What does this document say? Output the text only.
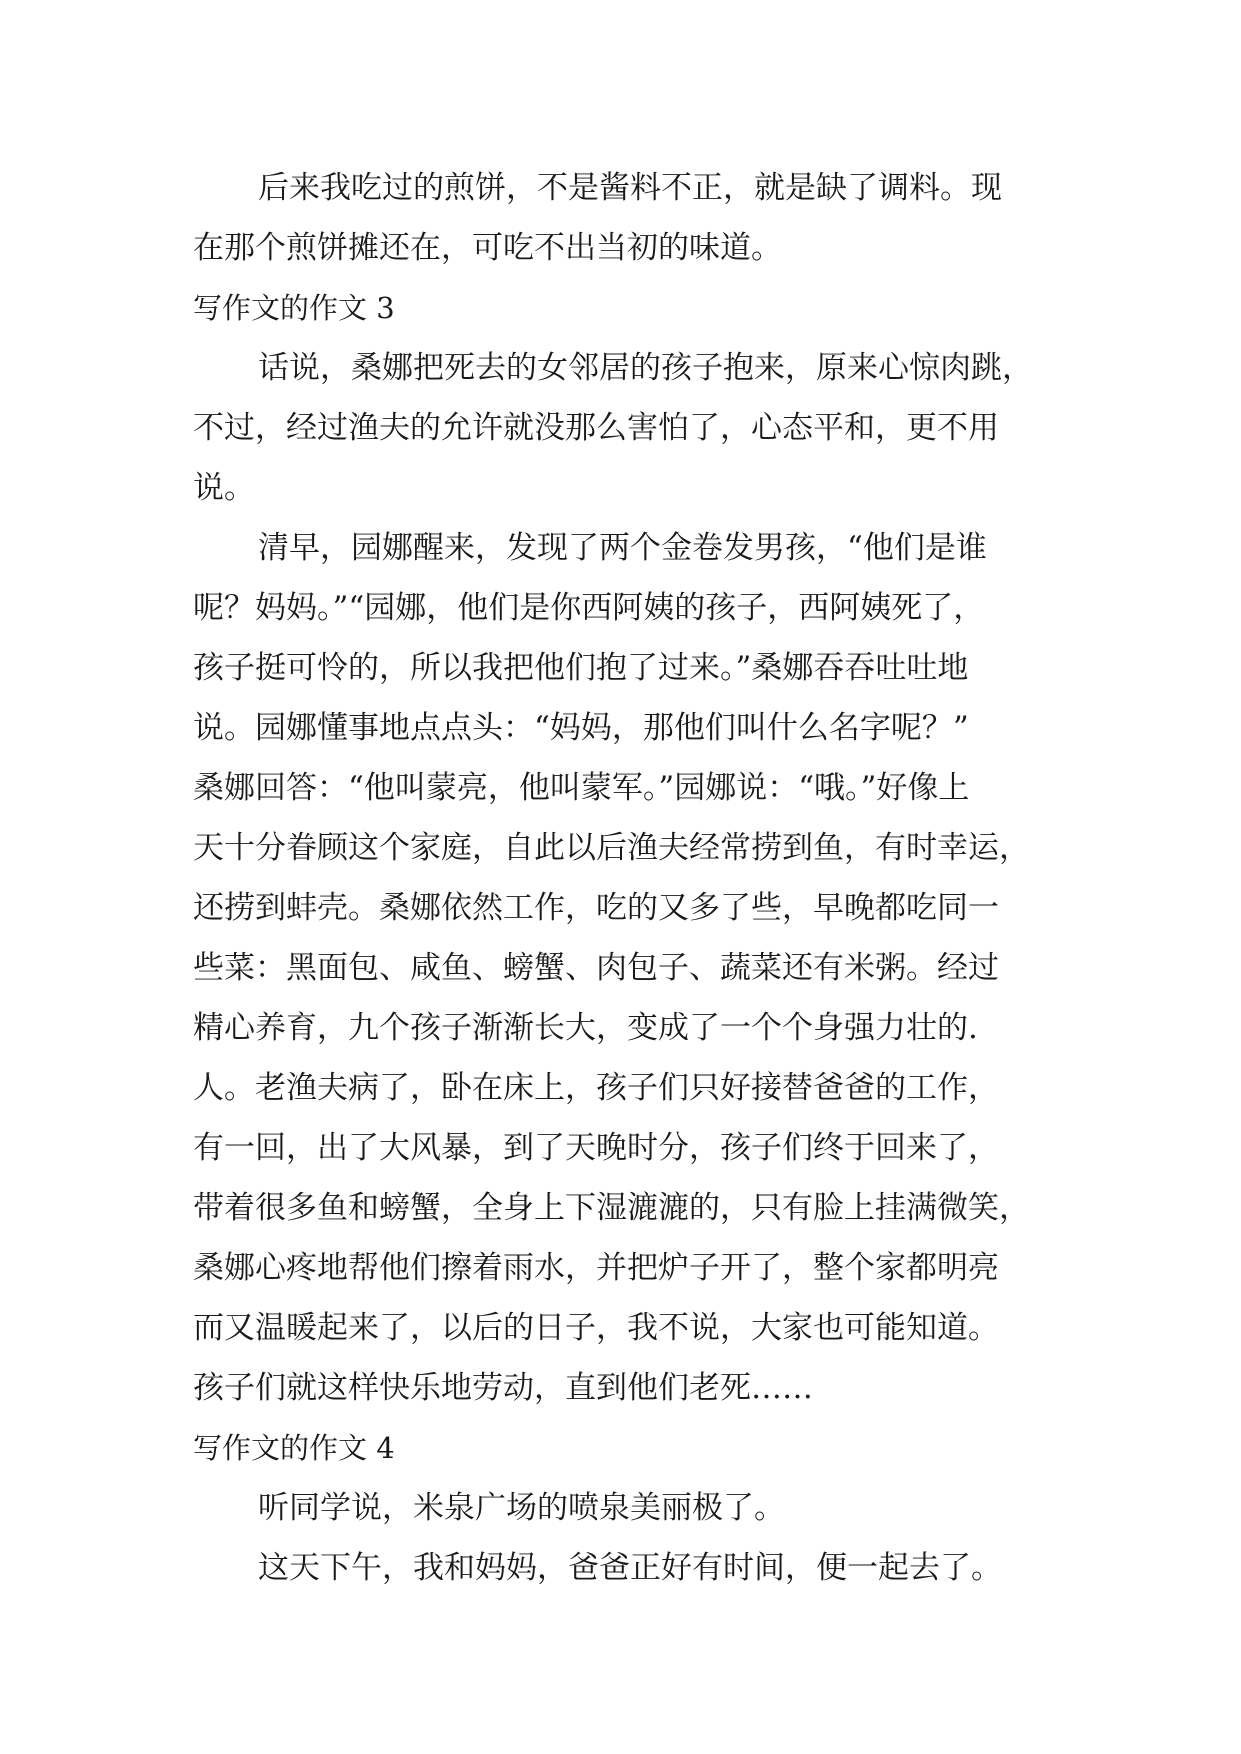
后来我吃过的煎饼，不是酱料不正，就是缺了调料。现
在那个煎饼摊还在，可吃不出当初的味道。
写作文的作文 3
话说，桑娜把死去的女邻居的孩子抱来，原来心惊肉跳，
不过，经过渔夫的允许就没那么害怕了，心态平和，更不用
说。
清早，园娜醒来，发现了两个金卷发男孩，“他们是谁
呢？妈妈。”“园娜，他们是你西阿姨的孩子，西阿姨死了，
孩子挺可怜的，所以我把他们抱了过来。”桑娜吞吞吐吐地
说。园娜懂事地点点头：“妈妈，那他们叫什么名字呢？”
桑娜回答：“他叫蒙亮，他叫蒙军。”园娜说：“哦。”好像上
天十分眷顾这个家庭，自此以后渔夫经常捞到鱼，有时幸运，
还捞到蚌壳。桑娜依然工作，吃的又多了些，早晚都吃同一
些菜：黑面包、咸鱼、螃蟹、肉包子、蔬菜还有米粥。经过
精心养育，九个孩子渐渐长大，变成了一个个身强力壮的.
人。老渔夫病了，卧在床上，孩子们只好接替爸爸的工作，
有一回，出了大风暴，到了天晚时分，孩子们终于回来了，
带着很多鱼和螃蟹，全身上下湿漉漉的，只有脸上挂满微笑，
桑娜心疼地帮他们擦着雨水，并把炉子开了，整个家都明亮
而又温暖起来了，以后的日子，我不说，大家也可能知道。
孩子们就这样快乐地劳动，直到他们老死……
写作文的作文 4
听同学说，米泉广场的喷泉美丽极了。
这天下午，我和妈妈，爸爸正好有时间，便一起去了。
